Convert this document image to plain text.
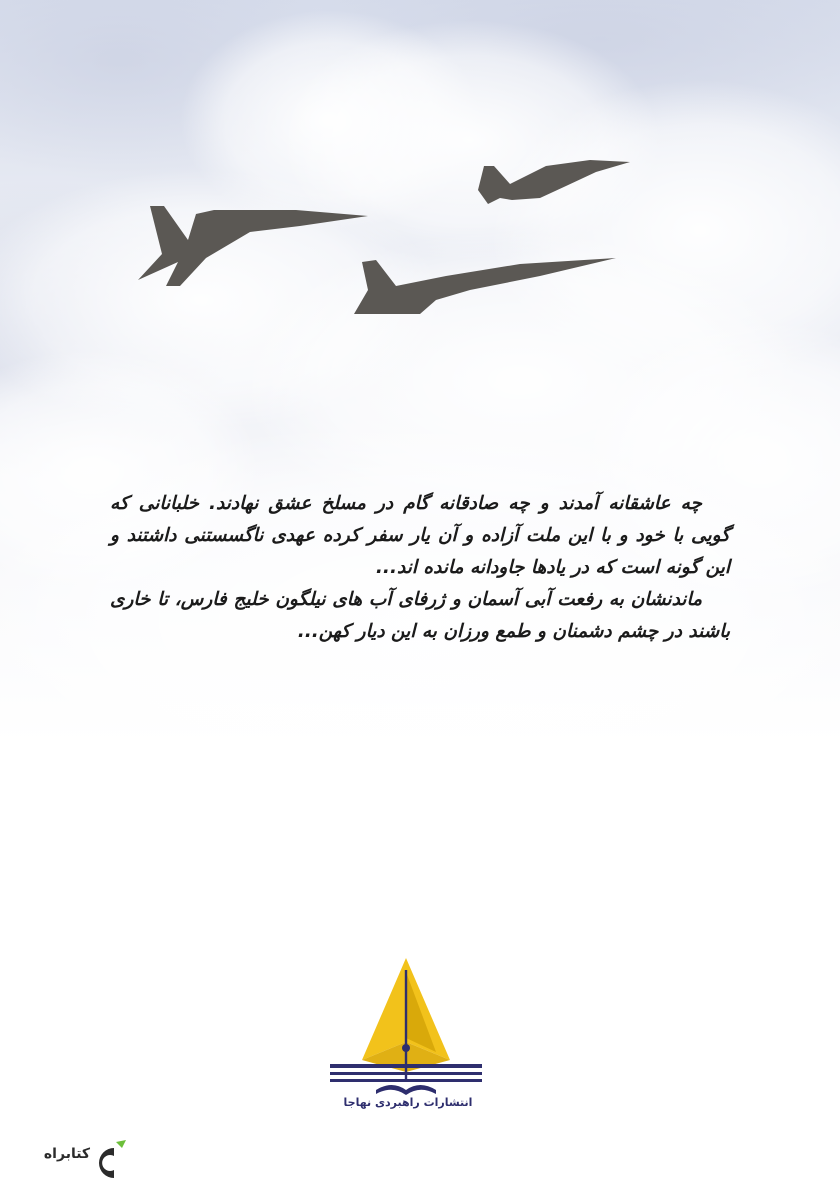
چه عاشقانه آمدند و چه صادقانه گام در مسلخ عشق نهادند. خلبانانی که گویی با خود و با این ملت آزاده و آن یار سفر کرده عهدی ناگسستنی داشتند و این گونه است که در یادها جاودانه مانده اند...

ماندنشان به رفعت آبی آسمان و ژرفای آب های نیلگون خلیج فارس، تا خاری باشند در چشم دشمنان و طمع ورزان به این دیار کهن...

انتشارات راهبردی نهاجا
کتابراه
